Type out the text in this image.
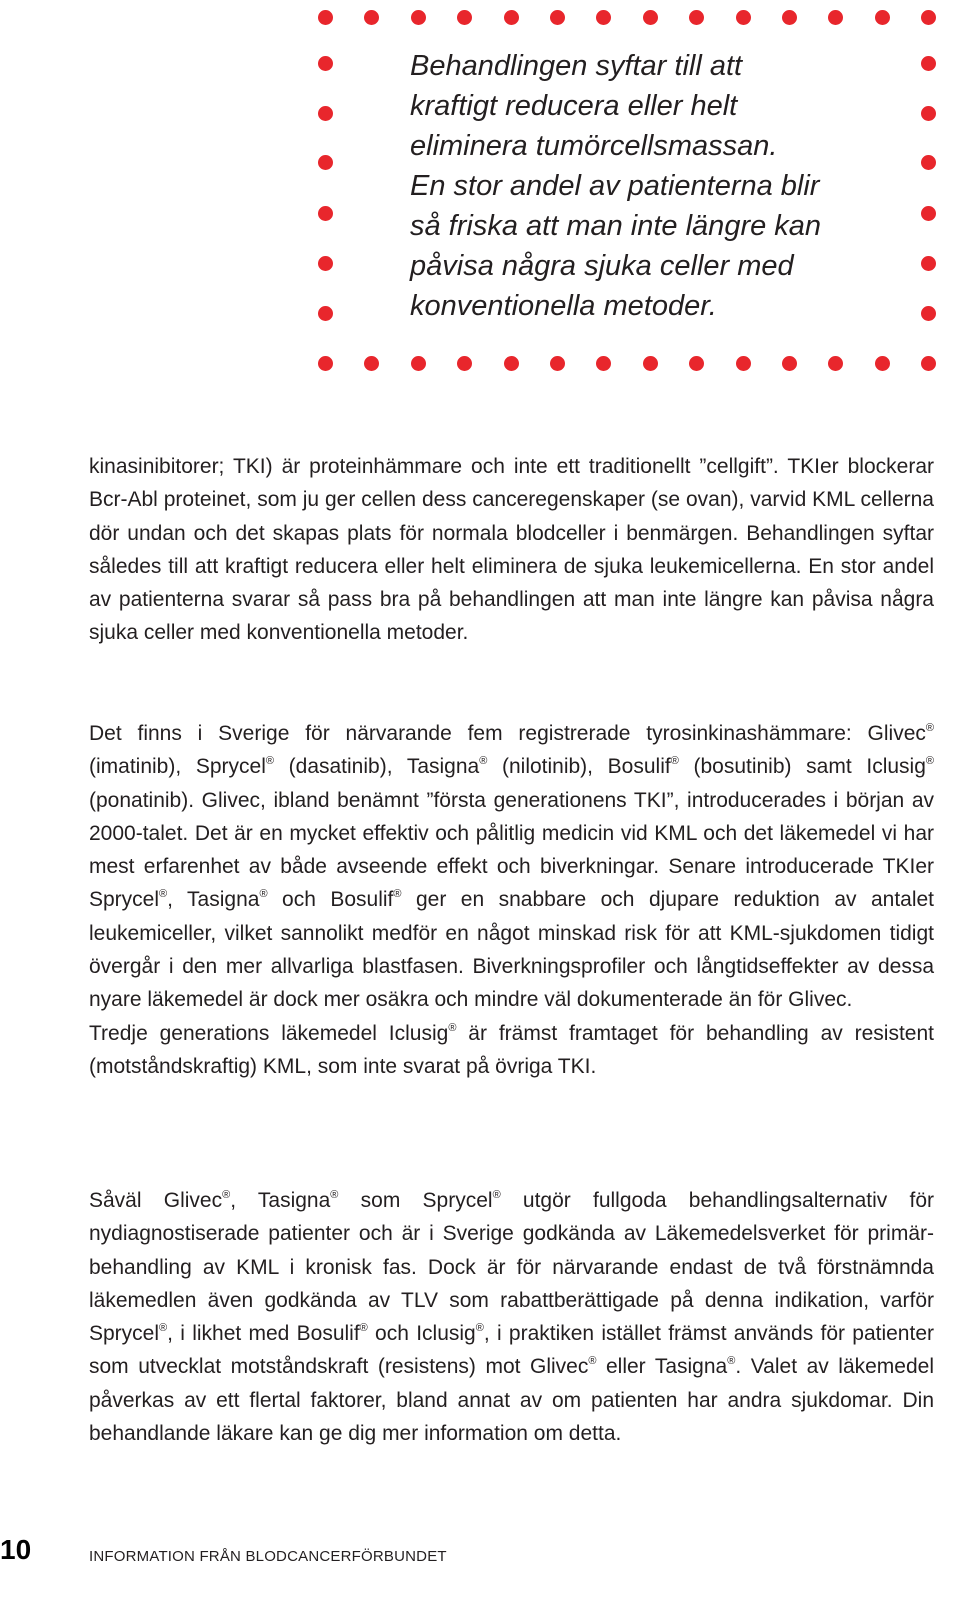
Behandlingen syftar till att
kraftigt reducera eller helt
eliminera tumörcellsmassan.
En stor andel av patienterna blir
så friska att man inte längre kan
påvisa några sjuka celler med
konventionella metoder.

kinasinibitorer; TKI) är proteinhämmare och inte ett traditionellt ”cellgift”. TKIer blockerar Bcr-Abl proteinet, som ju ger cellen dess canceregenskaper (se ovan), varvid KML cellerna dör undan och det skapas plats för normala blodceller i benmärgen. Behandlingen syftar således till att kraftigt reducera eller helt eliminera de sjuka leukemicellerna. En stor andel av patienterna svarar så pass bra på behandlingen att man inte längre kan påvisa några sjuka celler med konventionella metoder.

Det finns i Sverige för närvarande fem registrerade tyrosinkinashämmare: Glivec® (imatinib), Sprycel® (dasatinib), Tasigna® (nilotinib), Bosulif® (bosutinib) samt Iclusig® (ponatinib). Glivec, ibland benämnt ”första generationens TKI”, introducerades i början av 2000-talet. Det är en mycket effektiv och pålitlig medicin vid KML och det läkemedel vi har mest erfarenhet av både avseende effekt och biverkningar. Senare introducerade TKIer Sprycel®, Tasigna® och Bosulif® ger en snabbare och djupare reduktion av antalet leukemiceller, vilket sannolikt medför en något minskad risk för att KML-sjukdomen tidigt övergår i den mer allvarliga blastfasen. Biverkningsprofiler och långtidseffekter av dessa nyare läkemedel är dock mer osäkra och mindre väl dokumenterade än för Glivec.

Tredje generations läkemedel Iclusig® är främst framtaget för behandling av resistent (motståndskraftig) KML, som inte svarat på övriga TKI.

Såväl Glivec®, Tasigna® som Sprycel® utgör fullgoda behandlingsalternativ för nydiagnostiserade patienter och är i Sverige godkända av Läkemedelsverket för primär-behandling av KML i kronisk fas. Dock är för närvarande endast de två förstnämnda läkemedlen även godkända av TLV som rabattberättigade på denna indikation, varför Sprycel®, i likhet med Bosulif® och Iclusig®, i praktiken istället främst används för patienter som utvecklat motståndskraft (resistens) mot Glivec® eller Tasigna®. Valet av läkemedel påverkas av ett flertal faktorer, bland annat av om patienten har andra sjukdomar. Din behandlande läkare kan ge dig mer information om detta.

10	INFORMATION FRÅN BLODCANCERFÖRBUNDET
